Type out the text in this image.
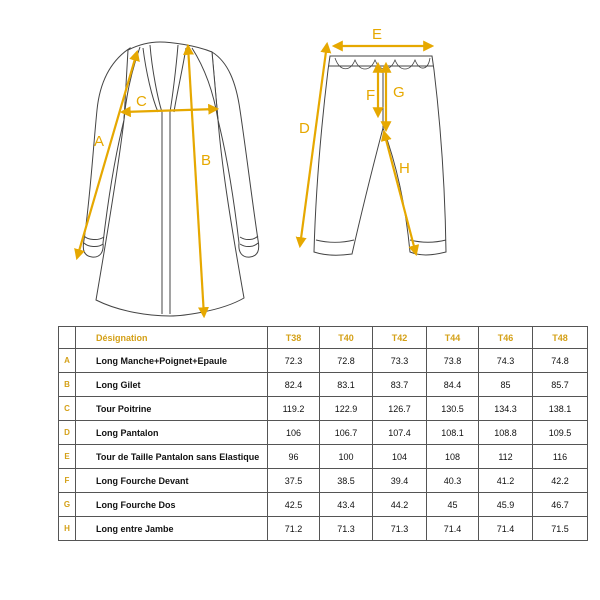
A
B
C
D
E
F G
H
	Désignation	T38	T40	T42	T44	T46	T48
A	Long Manche+Poignet+Epaule	72.3	72.8	73.3	73.8	74.3	74.8
B	Long Gilet	82.4	83.1	83.7	84.4	85	85.7
C	Tour Poitrine	119.2	122.9	126.7	130.5	134.3	138.1
D	Long Pantalon	106	106.7	107.4	108.1	108.8	109.5
E	Tour de Taille Pantalon sans Elastique	96	100	104	108	112	116
F	Long Fourche Devant	37.5	38.5	39.4	40.3	41.2	42.2
G	Long Fourche Dos	42.5	43.4	44.2	45	45.9	46.7
H	Long entre Jambe	71.2	71.3	71.3	71.4	71.4	71.5
